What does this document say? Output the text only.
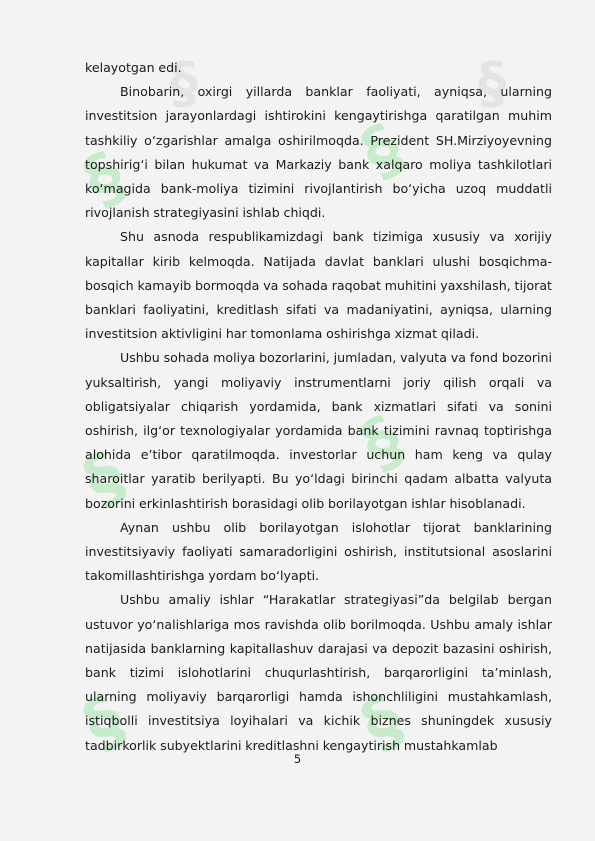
§	§
§	§
§	§
§	§

kelayotgan edi.

Binobarin, oxirgi yillarda banklar faoliyati, ayniqsa, ularning investitsion jarayonlardagi ishtirokini kengaytirishga qaratilgan muhim tashkiliy oʻzgarishlar amalga oshirilmoqda. Prezident SH.Mirziyoyevning topshirigʻi bilan hukumat va Markaziy bank xalqaro moliya tashkilotlari koʻmagida bank-moliya tizimini rivojlantirish boʻyicha uzoq muddatli rivojlanish strategiyasini ishlab chiqdi.

Shu asnoda respublikamizdagi bank tizimiga xususiy va xorijiy kapitallar kirib kelmoqda. Natijada davlat banklari ulushi bosqichma-bosqich kamayib bormoqda va sohada raqobat muhitini yaxshilash, tijorat banklari faoliyatini, kreditlash sifati va madaniyatini, ayniqsa, ularning investitsion aktivligini har tomonlama oshirishga xizmat qiladi.

Ushbu sohada moliya bozorlarini, jumladan, valyuta va fond bozorini yuksaltirish, yangi moliyaviy instrumentlarni joriy qilish orqali va obligatsiyalar chiqarish yordamida, bank xizmatlari sifati va sonini oshirish, ilgʻor texnologiyalar yordamida bank tizimini ravnaq toptirishga alohida e’tibor qaratilmoqda. investorlar uchun ham keng va qulay sharoitlar yaratib berilyapti. Bu yoʻldagi birinchi qadam albatta valyuta bozorini erkinlashtirish borasidagi olib borilayotgan ishlar hisoblanadi.

Aynan ushbu olib borilayotgan islohotlar tijorat banklarining investitsiyaviy faoliyati samaradorligini oshirish, institutsional asoslarini takomillashtirishga yordam boʻlyapti.

Ushbu amaliy ishlar “Harakatlar strategiyasi”da belgilab bergan ustuvor yoʻnalishlariga mos ravishda olib borilmoqda. Ushbu amaly ishlar natijasida banklarning kapitallashuv darajasi va depozit bazasini oshirish, bank tizimi islohotlarini chuqurlashtirish, barqarorligini ta’minlash, ularning moliyaviy barqarorligi hamda ishonchliligini mustahkamlash, istiqbolli investitsiya loyihalari va kichik biznes shuningdek xususiy tadbirkorlik subyektlarini kreditlashni kengaytirish mustahkamlab

5
